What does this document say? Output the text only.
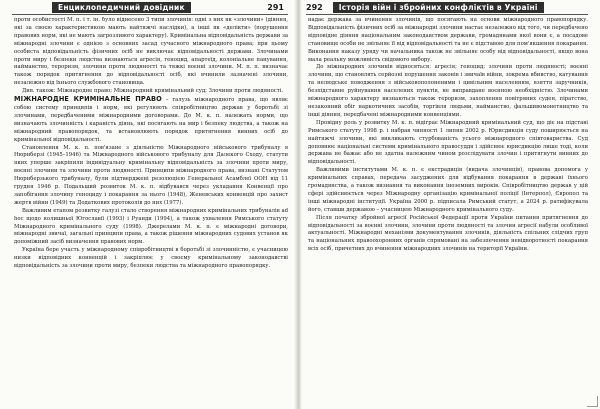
Енциклопедичний довідник	291

проти особистості М. п. і т. ін. було віднесено 3 типи злочинів: одні з них як «злочини» (діяння, які за своєю характеристикою мають найтяжчі наслідки), а інші як «делікти» (порушення правових норм, які не мають загрозливого характеру). Кримінальна відповідальність держави за міжнародні злочини є однією з основних засад сучасного міжнародного права; при цьому особиста відповідальність фізичних осіб не виключає відповідальності держави. Злочинами проти миру і безпеки людства визнаються агресія, геноцид, апартеїд, колоніальне панування, найманство, тероризм, злочини проти людяності та тяжкі воєнні злочини. М. п. п. визначає також порядок притягнення до відповідальності осіб, які вчинили зазначені злочини, незалежно від їхнього службового становища.

Див. також: Міжнародне право; Міжнародний кримінальний суд; Злочини проти людяності.

МІЖНАРОДНЕ КРИМІНАЛЬНЕ ПРАВО – галузь міжнародного права, що являє собою систему принципів і норм, які регулюють співробітництво держав у боротьбі зі злочинами, передбаченими міжнародними договорами. До М. к. п. належать норми, що визначають злочинність і караність діянь, які посягають на мир і безпеку людства, а також на міжнародний правопорядок, та встановлюють порядок притягнення винних осіб до кримінальної відповідальності.

Становлення М. к. п. пов'язане з діяльністю Міжнародного військового трибуналу в Нюрнберзі (1945–1946) та Міжнародного військового трибуналу для Далекого Сходу, статути яких уперше закріпили індивідуальну кримінальну відповідальність за злочини проти миру, воєнні злочини та злочини проти людяності. Принципи міжнародного права, визнані Статутом Нюрнберзького трибуналу, були підтверджені резолюцією Генеральної Асамблеї ООН від 11 грудня 1946 р. Подальший розвиток М. к. п. відбувався через укладання Конвенції про запобігання злочину геноциду і покарання за нього (1948), Женевських конвенцій про захист жертв війни (1949) та Додаткових протоколів до них (1977).

Важливим етапом розвитку галузі стало створення міжнародних кримінальних трибуналів ad hoc щодо колишньої Югославії (1993) і Руанди (1994), а також ухвалення Римського статуту Міжнародного кримінального суду (1998). Джерелами М. к. п. є міжнародні договори, міжнародні звичаї, загальні принципи права, а також рішення міжнародних судових установ як допоміжний засіб визначення правових норм.

Україна бере участь у міжнародному співробітництві в боротьбі зі злочинністю, є учасницею низки відповідних конвенцій і закріплює у своєму кримінальному законодавстві відповідальність за злочини проти миру, безпеки людства та міжнародного правопорядку.

292	Історія війн і збройних конфліктів в Україні

надає держава за вчинення злочинів, що посягають на основи міжнародного правопорядку. Відповідальність фізичних осіб за міжнародні злочини настає незалежно від того, чи передбачено відповідне діяння національним законодавством держави, громадянами якої вони є, а посадове становище особи не звільняє її від відповідальності та не є підставою для пом'якшення покарання. Виконання наказу уряду чи начальника також не звільняє особу від відповідальності, якщо вона мала реальну можливість свідомого вибору.

До міжнародних злочинів відносяться: агресія; геноцид; злочини проти людяності; воєнні злочини, що становлять серйозні порушення законів і звичаїв війни, зокрема вбивство, катування та нелюдське поводження з військовополоненими і цивільним населенням, взяття заручників, безпідставне руйнування населених пунктів, не виправдане воєнною необхідністю. Злочинами міжнародного характеру визнаються також тероризм, захоплення повітряних суден, піратство, незаконний обіг наркотичних засобів, торгівля людьми, найманство, фальшивомонетництво та інші діяння, передбачені міжнародними конвенціями.

Провідну роль у розвитку М. к. п. відіграє Міжнародний кримінальний суд, що діє на підставі Римського статуту 1998 р. і набрав чинності 1 липня 2002 р. Юрисдикція суду поширюється на найтяжчі злочини, які викликають стурбованість усього міжнародного співтовариства. Суд доповнює національні системи кримінального правосуддя і здійснює юрисдикцію лише тоді, коли держава не бажає або не здатна належним чином розслідувати злочин і притягнути винних до відповідальності.

Важливими інститутами М. к. п. є екстрадиція (видача злочинців), правова допомога у кримінальних справах, передача засуджених для відбування покарання в державі їхнього громадянства, а також визнання та виконання іноземних вироків. Співробітництво держав у цій сфері здійснюється через Міжнародну організацію кримінальної поліції (Інтерпол), Європол та інші міжнародні інституції. Україна 2000 р. підписала Римський статут, а 2024 р. ратифікувала його, ставши державою – учасницею Міжнародного кримінального суду.

Після початку збройної агресії Російської Федерації проти України питання притягнення до відповідальності за воєнні злочини, злочини проти людяності та злочин агресії набули особливої актуальності. Міжнародні механізми документування злочинів, діяльність спільних слідчих груп та національних правоохоронних органів спрямовані на забезпечення невідворотності покарання всіх осіб, причетних до вчинення міжнародних злочинів на території України.
